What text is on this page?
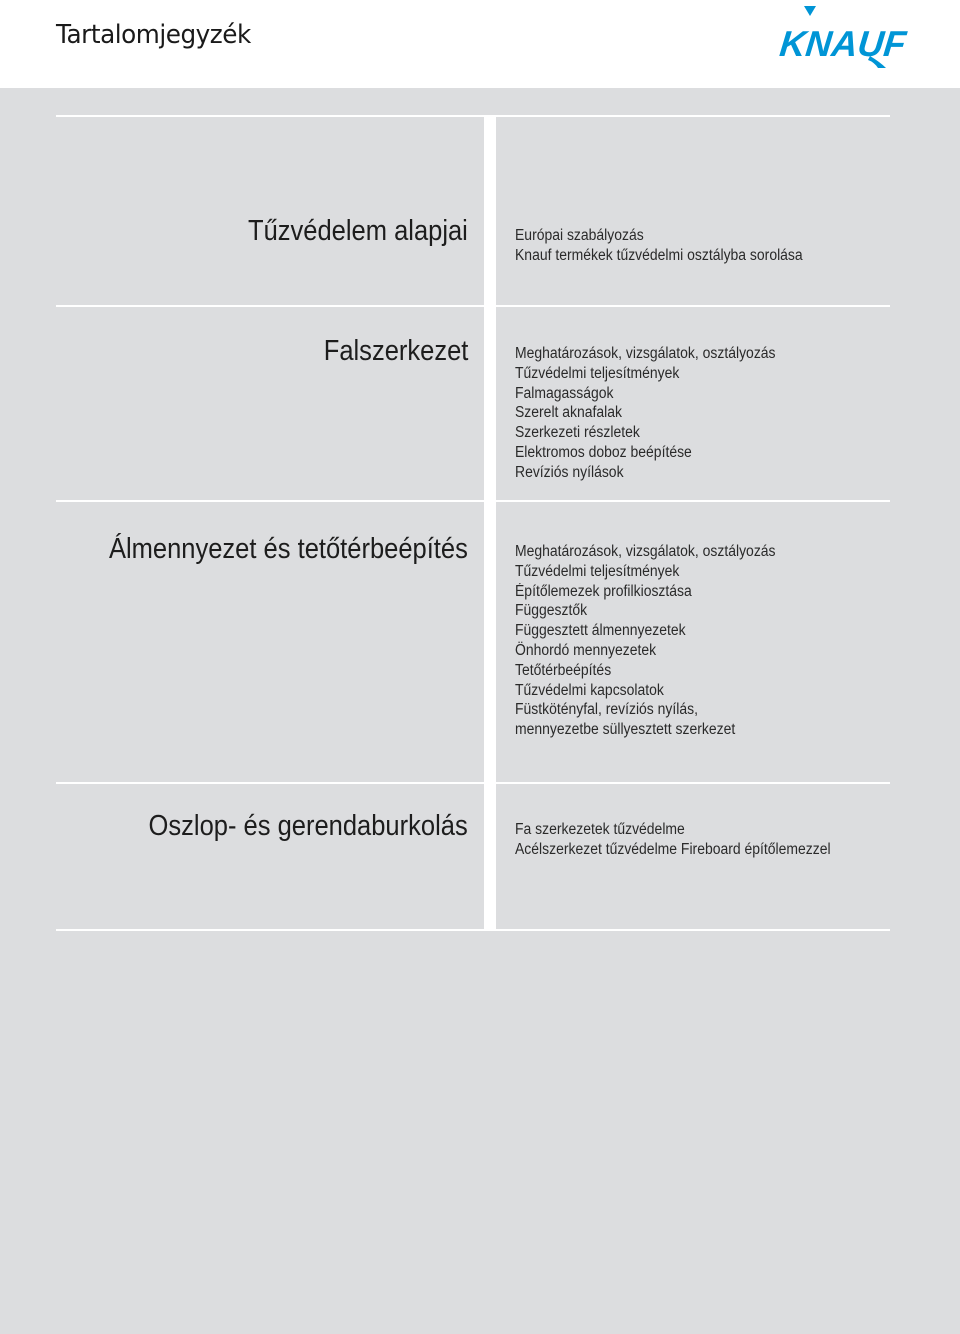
Tartalomjegyzék	KNAUF
Tűzvédelem alapjai	Európai szabályozás
Knauf termékek tűzvédelmi osztályba sorolása
Falszerkezet	Meghatározások, vizsgálatok, osztályozás
Tűzvédelmi teljesítmények
Falmagasságok
Szerelt aknafalak
Szerkezeti részletek
Elektromos doboz beépítése
Revíziós nyílások
Álmennyezet és tetőtérbeépítés	Meghatározások, vizsgálatok, osztályozás
Tűzvédelmi teljesítmények
Építőlemezek profilkiosztása
Függesztők
Függesztett álmennyezetek
Önhordó mennyezetek
Tetőtérbeépítés
Tűzvédelmi kapcsolatok
Füstkötényfal, revíziós nyílás,
mennyezetbe süllyesztett szerkezet
Oszlop- és gerendaburkolás	Fa szerkezetek tűzvédelme
Acélszerkezet tűzvédelme Fireboard építőlemezzel
